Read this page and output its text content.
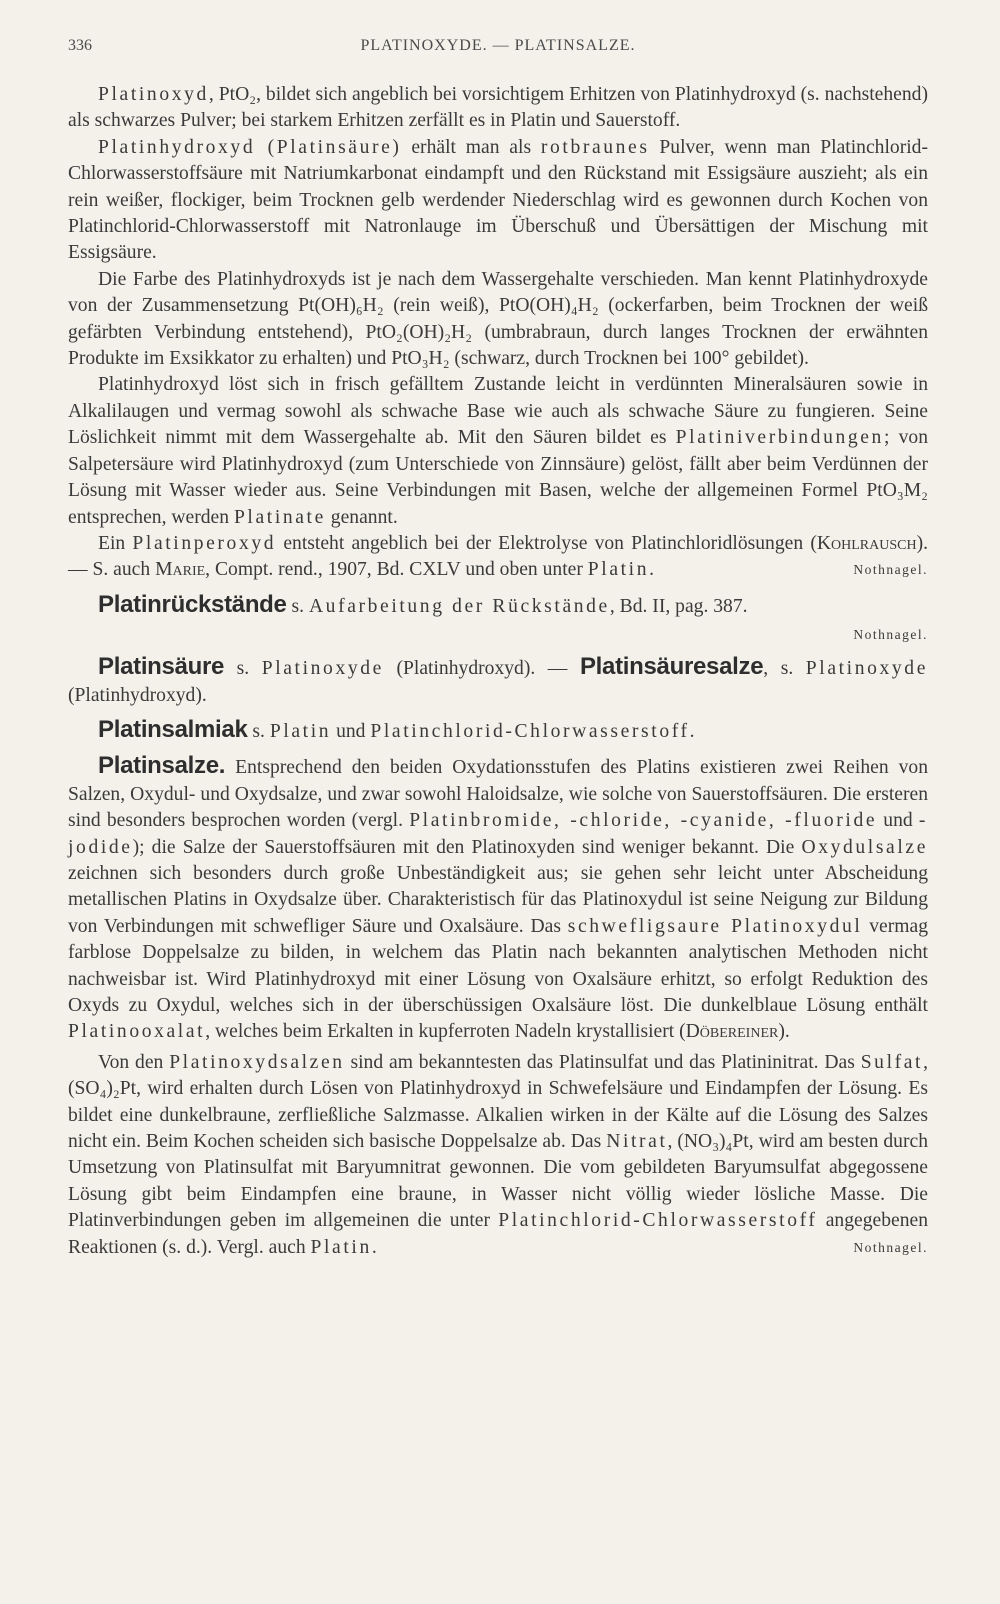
336	PLATINOXYDE. — PLATINSALZE.

Platinoxyd, PtO₂, bildet sich angeblich bei vorsichtigem Erhitzen von Platinhydroxyd (s. nachstehend) als schwarzes Pulver; bei starkem Erhitzen zerfällt es in Platin und Sauerstoff.

Platinhydroxyd (Platinsäure) erhält man als rotbraunes Pulver, wenn man Platinchlorid-Chlorwasserstoffsäure mit Natriumkarbonat eindampft und den Rückstand mit Essigsäure auszieht; als ein rein weißer, flockiger, beim Trocknen gelb werdender Niederschlag wird es gewonnen durch Kochen von Platinchlorid-Chlorwasserstoff mit Natronlauge im Überschuß und Übersättigen der Mischung mit Essigsäure.

Die Farbe des Platinhydroxyds ist je nach dem Wassergehalte verschieden. Man kennt Platinhydroxyde von der Zusammensetzung Pt(OH)₆H₂ (rein weiß), PtO(OH)₄H₂ (ockerfarben, beim Trocknen der weiß gefärbten Verbindung entstehend), PtO₂(OH)₂H₂ (umbrabraun, durch langes Trocknen der erwähnten Produkte im Exsikkator zu erhalten) und PtO₃H₂ (schwarz, durch Trocknen bei 100° gebildet).

Platinhydroxyd löst sich in frisch gefälltem Zustande leicht in verdünnten Mineralsäuren sowie in Alkalilaugen und vermag sowohl als schwache Base wie auch als schwache Säure zu fungieren. Seine Löslichkeit nimmt mit dem Wassergehalte ab. Mit den Säuren bildet es Platiniverbindungen; von Salpetersäure wird Platinhydroxyd (zum Unterschiede von Zinnsäure) gelöst, fällt aber beim Verdünnen der Lösung mit Wasser wieder aus. Seine Verbindungen mit Basen, welche der allgemeinen Formel PtO₃M₂ entsprechen, werden Platinate genannt.

Ein Platinperoxyd entsteht angeblich bei der Elektrolyse von Platinchloridlösungen (Kohlrausch). — S. auch Marie, Compt. rend., 1907, Bd. CXLV und oben unter Platin.	Nothnagel.

Platinrückstände s. Aufarbeitung der Rückstände, Bd. II, pag. 387.

Nothnagel.

Platinsäure s. Platinoxyde (Platinhydroxyd). — Platinsäuresalze, s. Platinoxyde (Platinhydroxyd).

Platinsalmiak s. Platin und Platinchlorid-Chlorwasserstoff.

Platinsalze. Entsprechend den beiden Oxydationsstufen des Platins existieren zwei Reihen von Salzen, Oxydul- und Oxydsalze, und zwar sowohl Haloidsalze, wie solche von Sauerstoffsäuren. Die ersteren sind besonders besprochen worden (vergl. Platinbromide, -chloride, -cyanide, -fluoride und -jodide); die Salze der Sauerstoffsäuren mit den Platinoxyden sind weniger bekannt. Die Oxydulsalze zeichnen sich besonders durch große Unbeständigkeit aus; sie gehen sehr leicht unter Abscheidung metallischen Platins in Oxydsalze über. Charakteristisch für das Platinoxydul ist seine Neigung zur Bildung von Verbindungen mit schwefliger Säure und Oxalsäure. Das schwefligsaure Platinoxydul vermag farblose Doppelsalze zu bilden, in welchem das Platin nach bekannten analytischen Methoden nicht nachweisbar ist. Wird Platinhydroxyd mit einer Lösung von Oxalsäure erhitzt, so erfolgt Reduktion des Oxyds zu Oxydul, welches sich in der überschüssigen Oxalsäure löst. Die dunkelblaue Lösung enthält Platinooxalat, welches beim Erkalten in kupferroten Nadeln krystallisiert (Döbereiner).

Von den Platinoxydsalzen sind am bekanntesten das Platinsulfat und das Platininitrat. Das Sulfat, (SO₄)₂Pt, wird erhalten durch Lösen von Platinhydroxyd in Schwefelsäure und Eindampfen der Lösung. Es bildet eine dunkelbraune, zerfließliche Salzmasse. Alkalien wirken in der Kälte auf die Lösung des Salzes nicht ein. Beim Kochen scheiden sich basische Doppelsalze ab. Das Nitrat, (NO₃)₄Pt, wird am besten durch Umsetzung von Platinsulfat mit Baryumnitrat gewonnen. Die vom gebildeten Baryumsulfat abgegossene Lösung gibt beim Eindampfen eine braune, in Wasser nicht völlig wieder lösliche Masse. Die Platinverbindungen geben im allgemeinen die unter Platinchlorid-Chlorwasserstoff angegebenen Reaktionen (s. d.). Vergl. auch Platin.	Nothnagel.
